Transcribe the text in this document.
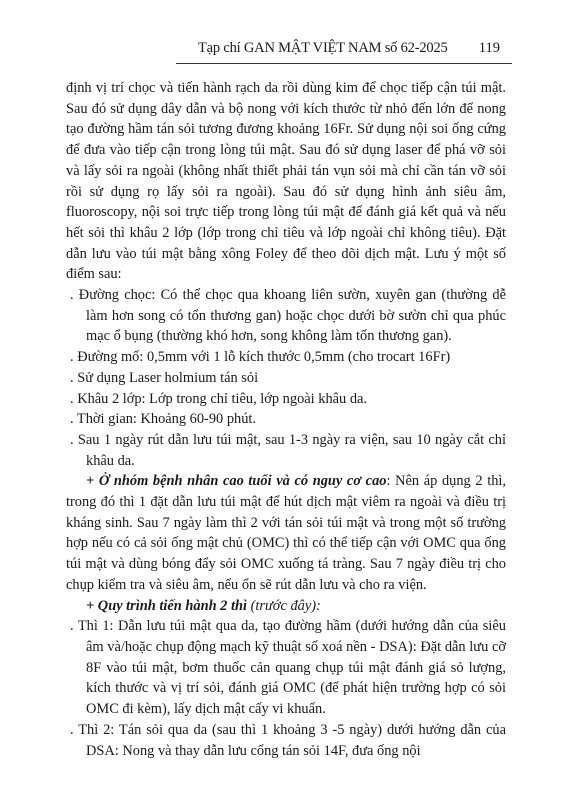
Tạp chí GAN MẬT VIỆT NAM số 62-2025 119

định vị trí chọc và tiến hành rạch da rồi dùng kim để chọc tiếp cận túi mật. Sau đó sử dụng dây dẫn và bộ nong với kích thước từ nhỏ đến lớn để nong tạo đường hầm tán sỏi tương đương khoảng 16Fr. Sử dụng nội soi ống cứng để đưa vào tiếp cận trong lòng túi mật. Sau đó sử dụng laser để phá vỡ sỏi và lấy sỏi ra ngoài (không nhất thiết phải tán vụn sỏi mà chỉ cần tán vỡ sỏi rồi sử dụng rọ lấy sỏi ra ngoài). Sau đó sử dụng hình ảnh siêu âm, fluoroscopy, nội soi trực tiếp trong lòng túi mật để đánh giá kết quả và nếu hết sỏi thì khâu 2 lớp (lớp trong chỉ tiêu và lớp ngoài chỉ không tiêu). Đặt dẫn lưu vào túi mật bằng xông Foley để theo dõi dịch mật. Lưu ý một số điểm sau:

. Đường chọc: Có thể chọc qua khoang liên sườn, xuyên gan (thường dễ làm hơn song có tổn thương gan) hoặc chọc dưới bờ sườn chỉ qua phúc mạc ổ bụng (thường khó hơn, song không làm tổn thương gan).

. Đường mổ: 0,5mm với 1 lỗ kích thước 0,5mm (cho trocart 16Fr)

. Sử dụng Laser holmium tán sỏi

. Khâu 2 lớp: Lớp trong chỉ tiêu, lớp ngoài khâu da.

. Thời gian: Khoảng 60-90 phút.

. Sau 1 ngày rút dẫn lưu túi mật, sau 1-3 ngày ra viện, sau 10 ngày cắt chỉ khâu da.

+ Ở nhóm bệnh nhân cao tuổi và có nguy cơ cao: Nên áp dụng 2 thì, trong đó thì 1 đặt dẫn lưu túi mật để hút dịch mật viêm ra ngoài và điều trị kháng sinh. Sau 7 ngày làm thì 2 với tán sỏi túi mật và trong một số trường hợp nếu có cả sỏi ống mật chủ (OMC) thì có thể tiếp cận với OMC qua ống túi mật và dùng bóng đẩy sỏi OMC xuống tá tràng. Sau 7 ngày điều trị cho chụp kiểm tra và siêu âm, nếu ổn sẽ rút dẫn lưu và cho ra viện.

+ Quy trình tiến hành 2 thì (trước đây):

. Thì 1: Dẫn lưu túi mật qua da, tạo đường hầm (dưới hướng dẫn của siêu âm và/hoặc chụp động mạch kỹ thuật số xoá nền - DSA): Đặt dẫn lưu cỡ 8F vào túi mật, bơm thuốc cản quang chụp túi mật đánh giá sỏ lượng, kích thước và vị trí sỏi, đánh giá OMC (để phát hiện trường hợp có sỏi OMC đi kèm), lấy dịch mật cấy vi khuẩn.

. Thì 2: Tán sỏi qua da (sau thì 1 khoảng 3 -5 ngày) dưới hướng dẫn của DSA: Nong và thay dẫn lưu cổng tán sỏi 14F, đưa ống nội
